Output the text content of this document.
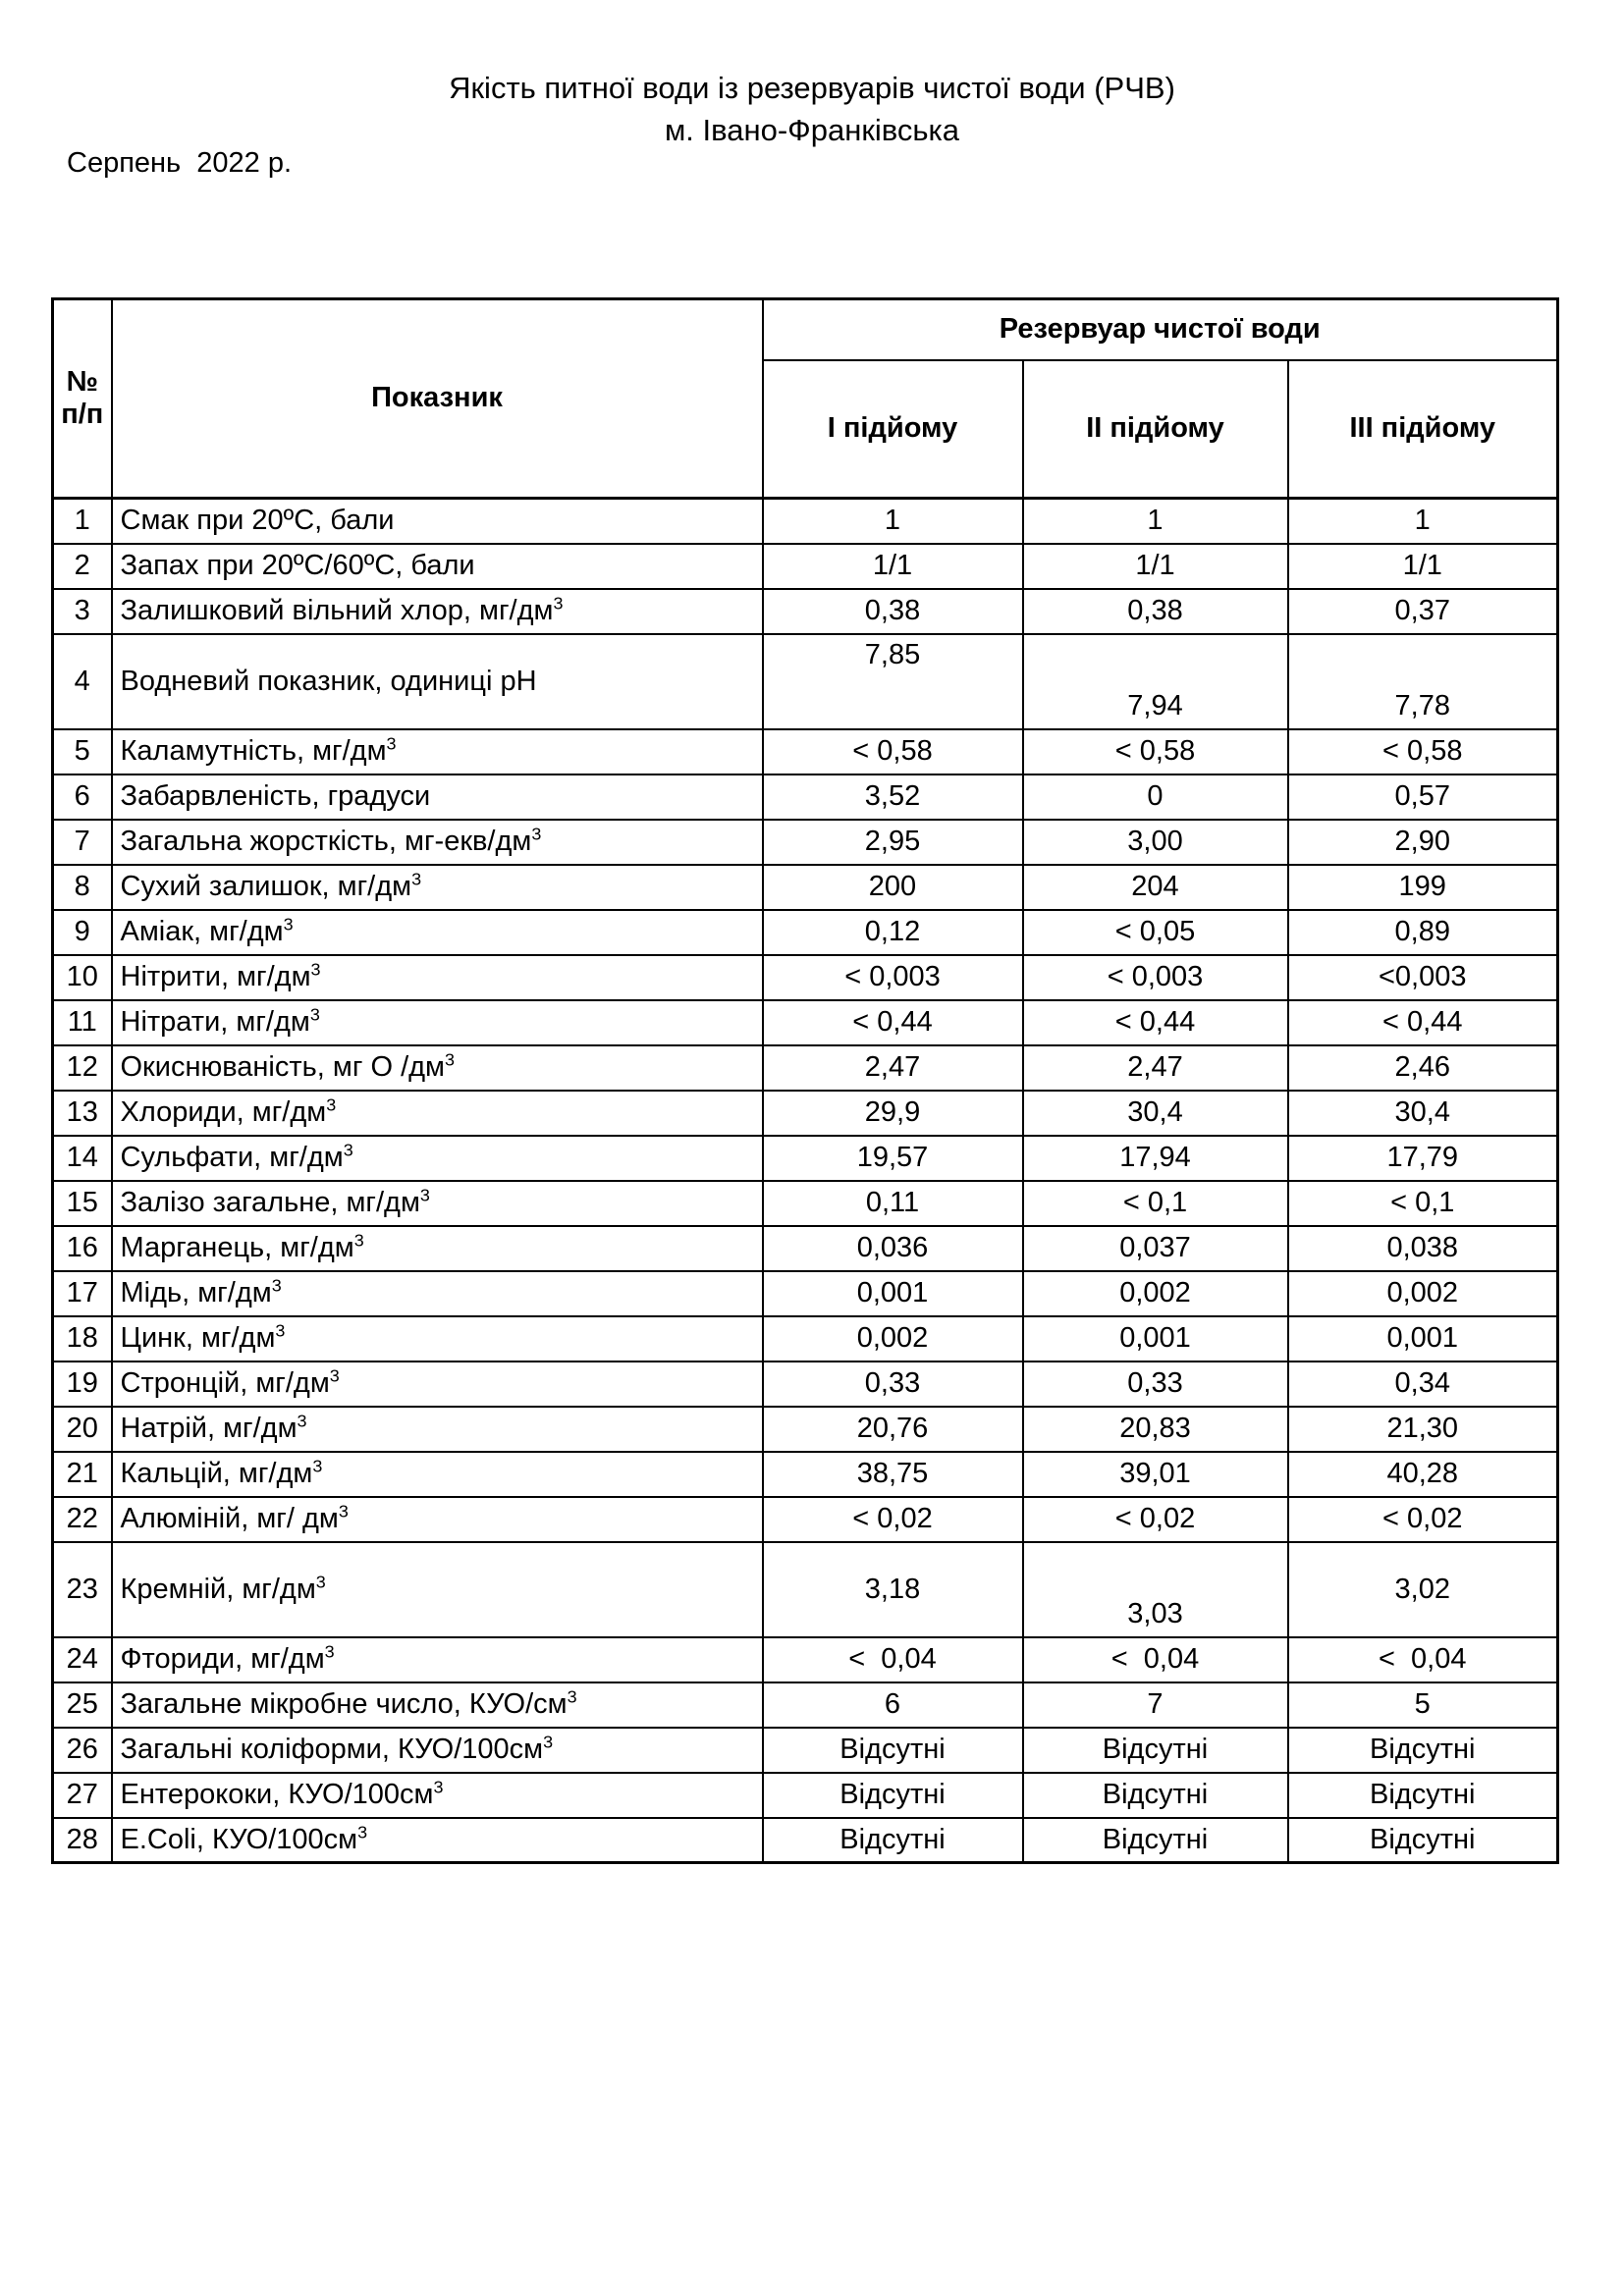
Якість питної води із резервуарів чистої води (РЧВ)
м. Івано-Франківська
Серпень  2022 р.
№ п/п	Показник	Резервуар чистої води		
		І підйому	ІІ підйому	ІІІ підйому
1	Смак при 20ºС, бали	1	1	1
2	Запах при 20ºС/60ºС, бали	1/1	1/1	1/1
3	Залишковий вільний хлор, $мг/дм^3$	0,38	0,38	0,37
4	Водневий показник, одиниці рН	7,85	7,94	7,78
5	Каламутність, $мг/дм^3$	< 0,58	< 0,58	< 0,58
6	Забарвленість, градуси	3,52	0	0,57
7	Загальна жорсткість, $мг-екв/дм^3$	2,95	3,00	2,90
8	Сухий залишок, $мг/дм^3$	200	204	199
9	Аміак, $мг/дм^3$	0,12	< 0,05	0,89
10	Нітрити, $мг/дм^3$	< 0,003	< 0,003	<0,003
11	Нітрати, $мг/дм^3$	< 0,44	< 0,44	< 0,44
12	Окиснюваність, мг О $/дм^3$	2,47	2,47	2,46
13	Хлориди, $мг/дм^3$	29,9	30,4	30,4
14	Сульфати, $мг/дм^3$	19,57	17,94	17,79
15	Залізо загальне, $мг/дм^3$	0,11	< 0,1	< 0,1
16	Марганець, $мг/дм^3$	0,036	0,037	0,038
17	Мідь, $мг/дм^3$	0,001	0,002	0,002
18	Цинк, $мг/дм^3$	0,002	0,001	0,001
19	Стронцій, $мг/дм^3$	0,33	0,33	0,34
20	Натрій, $мг/дм^3$	20,76	20,83	21,30
21	Кальцій, $мг/дм^3$	38,75	39,01	40,28
22	Алюміній, мг/ $дм^3$	< 0,02	< 0,02	< 0,02
23	Кремній, $мг/дм^3$	3,18	3,03	3,02
24	Фториди, $мг/дм^3$	<  0,04	<  0,04	<  0,04
25	Загальне мікробне число, КУО/$см^3$	6	7	5
26	Загальні коліформи, КУО/$100см^3$	Відсутні	Відсутні	Відсутні
27	Ентерококи, КУО/$100см^3$	Відсутні	Відсутні	Відсутні
28	E.Coli, КУО/$100см^3$	Відсутні	Відсутні	Відсутні
